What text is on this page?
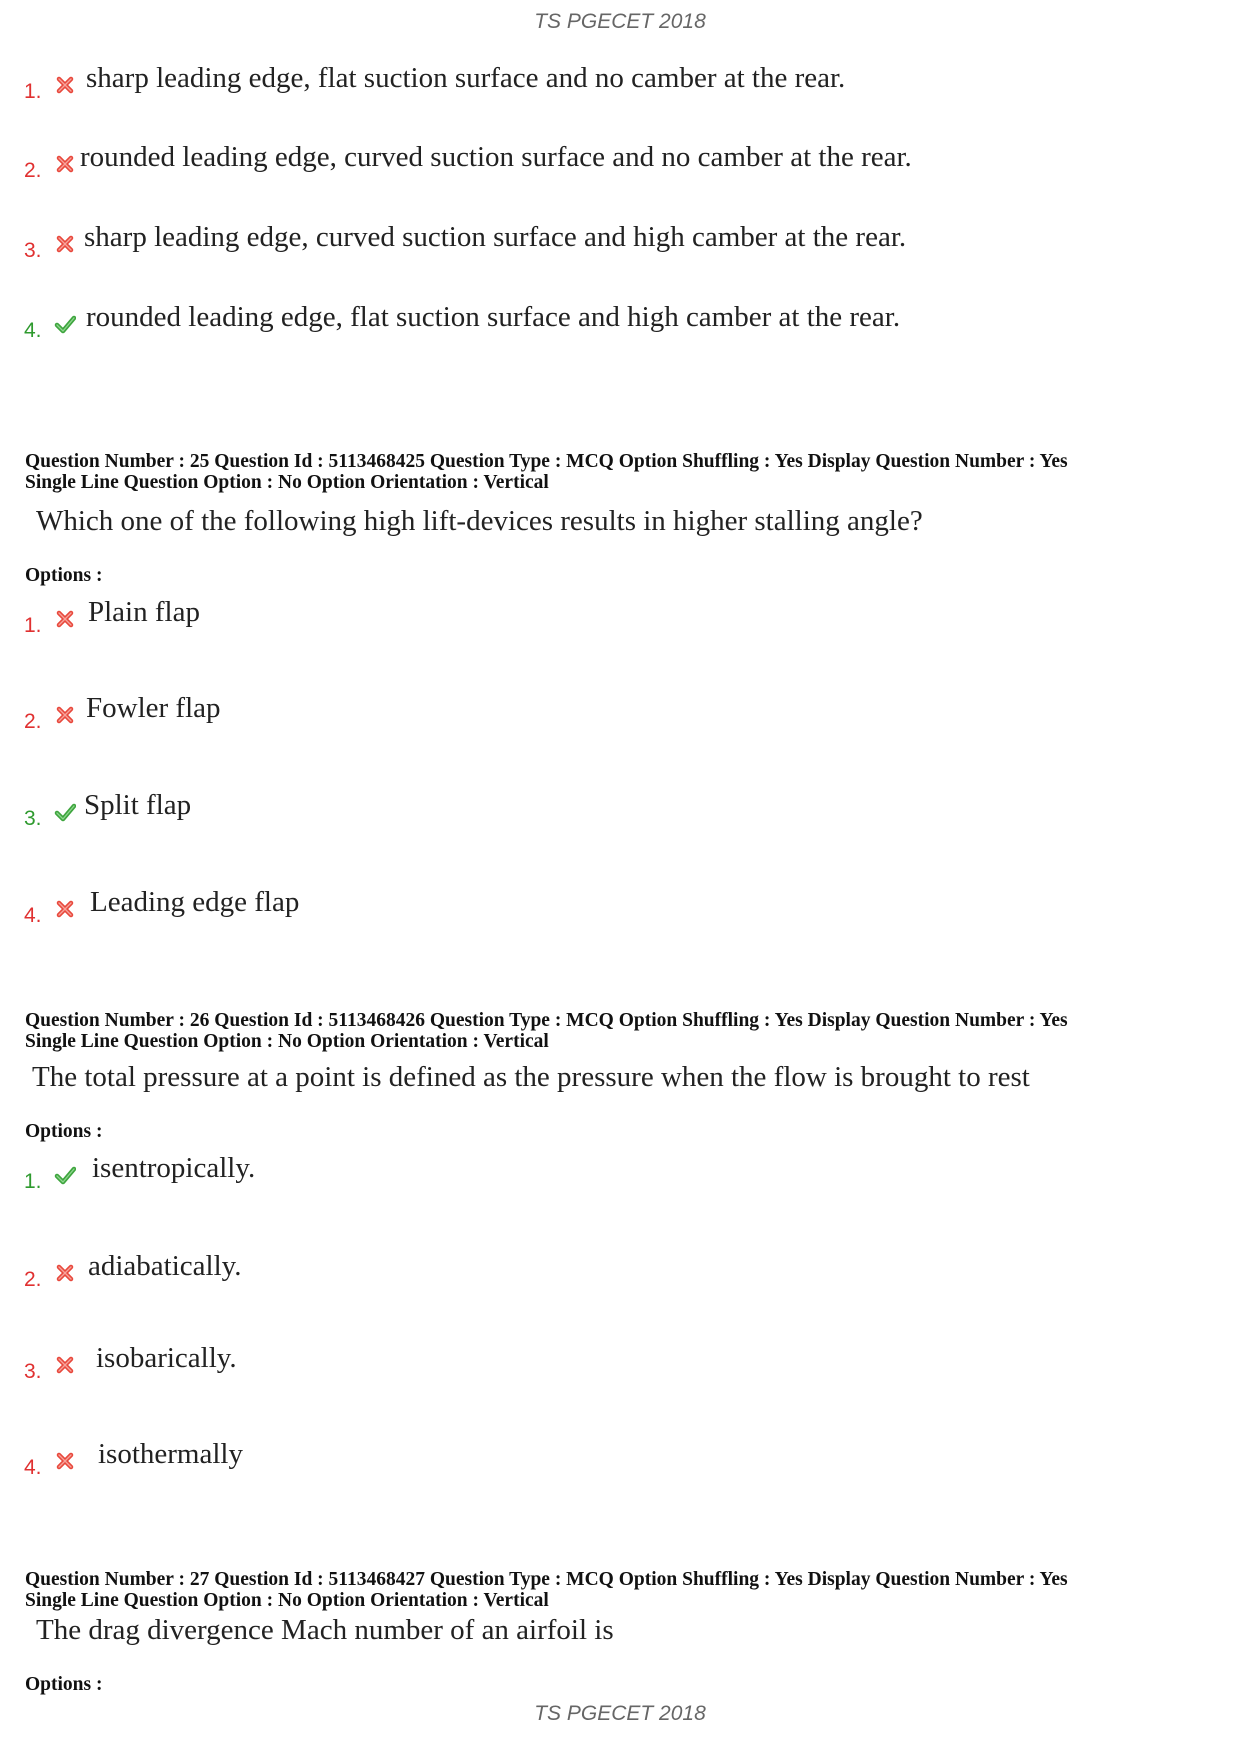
TS PGECET 2018
1. sharp leading edge, flat suction surface and no camber at the rear.
2. rounded leading edge, curved suction surface and no camber at the rear.
3. sharp leading edge, curved suction surface and high camber at the rear.
4. rounded leading edge, flat suction surface and high camber at the rear.
Question Number : 25 Question Id : 5113468425 Question Type : MCQ Option Shuffling : Yes Display Question Number : Yes
Single Line Question Option : No Option Orientation : Vertical
Which one of the following high lift-devices results in higher stalling angle?
Options :
1. Plain flap
2. Fowler flap
3. Split flap
4. Leading edge flap
Question Number : 26 Question Id : 5113468426 Question Type : MCQ Option Shuffling : Yes Display Question Number : Yes
Single Line Question Option : No Option Orientation : Vertical
The total pressure at a point is defined as the pressure when the flow is brought to rest
Options :
1. isentropically.
2. adiabatically.
3. isobarically.
4. isothermally
Question Number : 27 Question Id : 5113468427 Question Type : MCQ Option Shuffling : Yes Display Question Number : Yes
Single Line Question Option : No Option Orientation : Vertical
The drag divergence Mach number of an airfoil is
Options :
TS PGECET 2018
